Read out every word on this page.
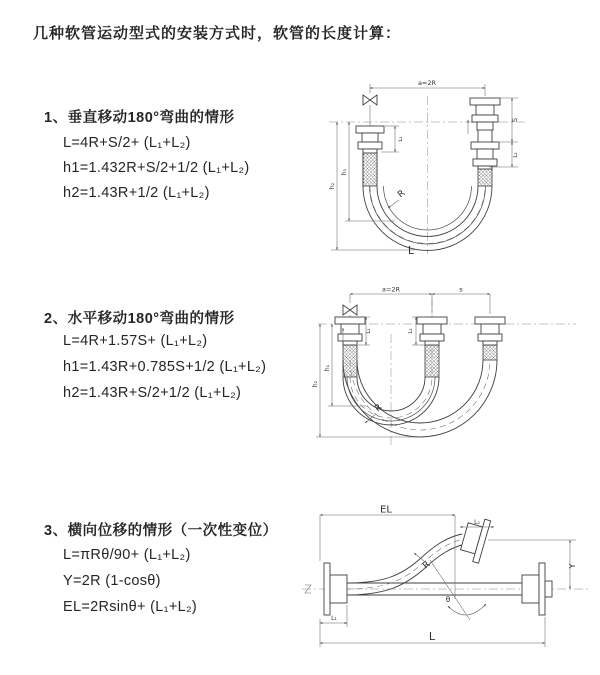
几种软管运动型式的安装方式时，软管的长度计算：
1、垂直移动180°弯曲的情形
L=4R+S/2+ (L₁+L₂)
h1=1.432R+S/2+1/2 (L₁+L₂)
h2=1.43R+1/2 (L₁+L₂)
2、水平移动180°弯曲的情形
L=4R+1.57S+ (L₁+L₂)
h1=1.43R+0.785S+1/2 (L₁+L₂)
h2=1.43R+S/2+1/2 (L₁+L₂)
3、横向位移的情形（一次性变位）
L=πRθ/90+ (L₁+L₂)
Y=2R (1-cosθ)
EL=2Rsinθ+ (L₁+L₂)
a=2R
h₁
h₂
L₁
S
L₂
R
L
a=2R	s
h₁
h₂
L₁	L₂
R
EL
L₂
Y
L₁
L
R
θ
